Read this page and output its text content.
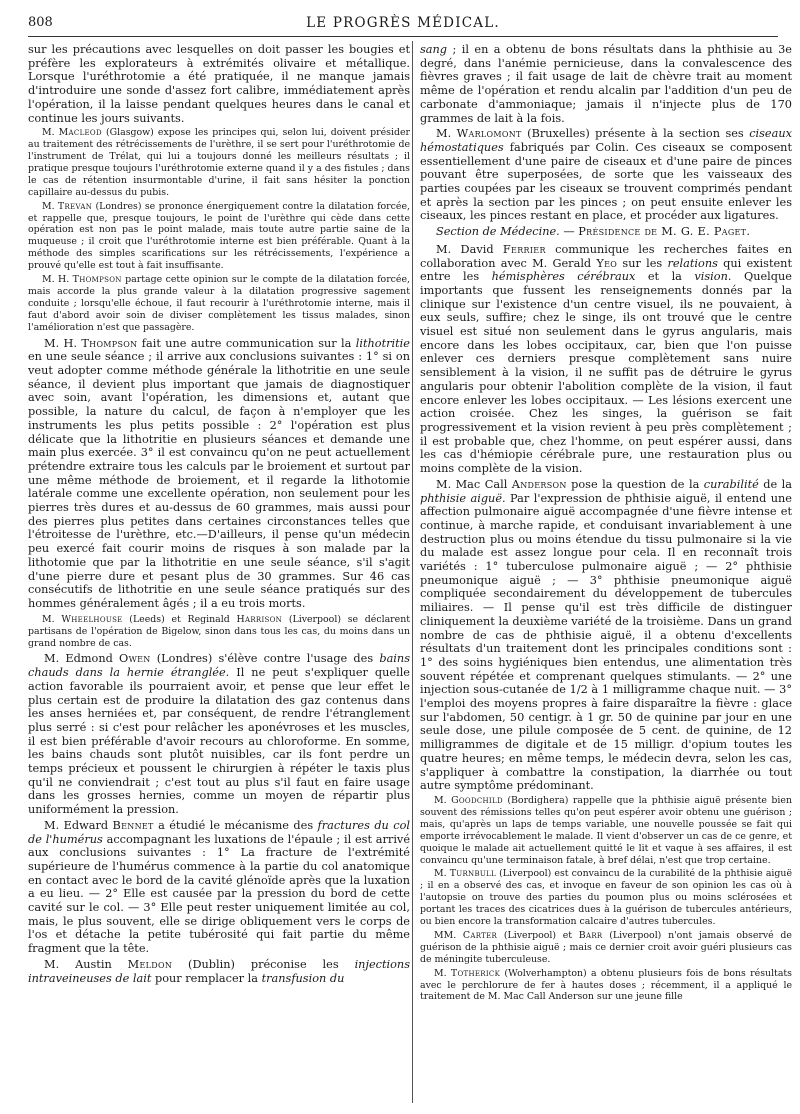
808	LE PROGRÈS MÉDICAL.

sur les précautions avec lesquelles on doit passer les bougies et préfère les explorateurs à extrémités olivaire et métallique. Lorsque l'uréthrotomie a été pratiquée, il ne manque jamais d'introduire une sonde d'assez fort calibre, immédiatement après l'opération, il la laisse pendant quelques heures dans le canal et continue les jours suivants.

M. Macleod (Glasgow) expose les principes qui, selon lui, doivent présider au traitement des rétrécissements de l'urèthre, il se sert pour l'uréthrotomie de l'instrument de Trélat, qui lui a toujours donné les meilleurs résultats ; il pratique presque toujours l'uréthrotomie externe quand il y a des fistules ; dans le cas de rétention insurmontable d'urine, il fait sans hésiter la ponction capillaire au-dessus du pubis.

M. Trevan (Londres) se prononce énergiquement contre la dilatation forcée, et rappelle que, presque toujours, le point de l'urèthre qui cède dans cette opération est non pas le point malade, mais toute autre partie saine de la muqueuse ; il croit que l'uréthrotomie interne est bien préférable. Quant à la méthode des simples scarifications sur les rétrécissements, l'expérience a prouvé qu'elle est tout à fait insuffisante.

M. H. Thompson partage cette opinion sur le compte de la dilatation forcée, mais accorde la plus grande valeur à la dilatation progressive sagement conduite ; lorsqu'elle échoue, il faut recourir à l'uréthrotomie interne, mais il faut d'abord avoir soin de diviser complètement les tissus malades, sinon l'amélioration n'est que passagère.

M. H. Thompson fait une autre communication sur la lithotritie en une seule séance ; il arrive aux conclusions suivantes : 1° si on veut adopter comme méthode générale la lithotritie en une seule séance, il devient plus important que jamais de diagnostiquer avec soin, avant l'opération, les dimensions et, autant que possible, la nature du calcul, de façon à n'employer que les instruments les plus petits possible : 2° l'opération est plus délicate que la lithotritie en plusieurs séances et demande une main plus exercée. 3° il est convaincu qu'on ne peut actuellement prétendre extraire tous les calculs par le broiement et surtout par une même méthode de broiement, et il regarde la lithotomie latérale comme une excellente opération, non seulement pour les pierres très dures et au-dessus de 60 grammes, mais aussi pour des pierres plus petites dans certaines circonstances telles que l'étroitesse de l'urèthre, etc.—D'ailleurs, il pense qu'un médecin peu exercé fait courir moins de risques à son malade par la lithotomie que par la lithotritie en une seule séance, s'il s'agit d'une pierre dure et pesant plus de 30 grammes. Sur 46 cas consécutifs de lithotritie en une seule séance pratiqués sur des hommes généralement âgés ; il a eu trois morts.

M. Wheelhouse (Leeds) et Reginald Harrison (Liverpool) se déclarent partisans de l'opération de Bigelow, sinon dans tous les cas, du moins dans un grand nombre de cas.

M. Edmond Owen (Londres) s'élève contre l'usage des bains chauds dans la hernie étranglée. Il ne peut s'expliquer quelle action favorable ils pourraient avoir, et pense que leur effet le plus certain est de produire la dilatation des gaz contenus dans les anses herniées et, par conséquent, de rendre l'étranglement plus serré : si c'est pour relâcher les aponévroses et les muscles, il est bien préférable d'avoir recours au chloroforme. En somme, les bains chauds sont plutôt nuisibles, car ils font perdre un temps précieux et poussent le chirurgien à répéter le taxis plus qu'il ne conviendrait ; c'est tout au plus s'il faut en faire usage dans les grosses hernies, comme un moyen de répartir plus uniformément la pression.

M. Edward Bennet a étudié le mécanisme des fractures du col de l'humérus accompagnant les luxations de l'épaule ; il est arrivé aux conclusions suivantes : 1° La fracture de l'extrémité supérieure de l'humérus commence à la partie du col anatomique en contact avec le bord de la cavité glénoïde après que la luxation a eu lieu. — 2° Elle est causée par la pression du bord de cette cavité sur le col. — 3° Elle peut rester uniquement limitée au col, mais, le plus souvent, elle se dirige obliquement vers le corps de l'os et détache la petite tubérosité qui fait partie du même fragment que la tête.

M. Austin Meldon (Dublin) préconise les injections intraveineuses de lait pour remplacer la transfusion du

sang ; il en a obtenu de bons résultats dans la phthisie au 3e degré, dans l'anémie pernicieuse, dans la convalescence des fièvres graves ; il fait usage de lait de chèvre trait au moment même de l'opération et rendu alcalin par l'addition d'un peu de carbonate d'ammoniaque; jamais il n'injecte plus de 170 grammes de lait à la fois.

M. Warlomont (Bruxelles) présente à la section ses ciseaux hémostatiques fabriqués par Colin. Ces ciseaux se composent essentiellement d'une paire de ciseaux et d'une paire de pinces pouvant être superposées, de sorte que les vaisseaux des parties coupées par les ciseaux se trouvent comprimés pendant et après la section par les pinces ; on peut ensuite enlever les ciseaux, les pinces restant en place, et procéder aux ligatures.

Section de Médecine. — Présidence de M. G. E. Paget.

M. David Ferrier communique les recherches faites en collaboration avec M. Gerald Yeo sur les relations qui existent entre les hémisphères cérébraux et la vision. Quelque importants que fussent les renseignements donnés par la clinique sur l'existence d'un centre visuel, ils ne pouvaient, à eux seuls, suffire; chez le singe, ils ont trouvé que le centre visuel est situé non seulement dans le gyrus angularis, mais encore dans les lobes occipitaux, car, bien que l'on puisse enlever ces derniers presque complètement sans nuire sensiblement à la vision, il ne suffit pas de détruire le gyrus angularis pour obtenir l'abolition complète de la vision, il faut encore enlever les lobes occipitaux. — Les lésions exercent une action croisée. Chez les singes, la guérison se fait progressivement et la vision revient à peu près complètement ; il est probable que, chez l'homme, on peut espérer aussi, dans les cas d'hémiopie cérébrale pure, une restauration plus ou moins complète de la vision.

M. Mac Call Anderson pose la question de la curabilité de la phthisie aiguë. Par l'expression de phthisie aiguë, il entend une affection pulmonaire aiguë accompagnée d'une fièvre intense et continue, à marche rapide, et conduisant invariablement à une destruction plus ou moins étendue du tissu pulmonaire si la vie du malade est assez longue pour cela. Il en reconnaît trois variétés : 1° tuberculose pulmonaire aiguë ; — 2° phthisie pneumonique aiguë ; — 3° phthisie pneumonique aiguë compliquée secondairement du développement de tubercules miliaires. — Il pense qu'il est très difficile de distinguer cliniquement la deuxième variété de la troisième. Dans un grand nombre de cas de phthisie aiguë, il a obtenu d'excellents résultats d'un traitement dont les principales conditions sont : 1° des soins hygiéniques bien entendus, une alimentation très souvent répétée et comprenant quelques stimulants. — 2° une injection sous-cutanée de 1/2 à 1 milligramme chaque nuit. — 3° l'emploi des moyens propres à faire disparaître la fièvre : glace sur l'abdomen, 50 centigr. à 1 gr. 50 de quinine par jour en une seule dose, une pilule composée de 5 cent. de quinine, de 12 milligrammes de digitale et de 15 milligr. d'opium toutes les quatre heures; en même temps, le médecin devra, selon les cas, s'appliquer à combattre la constipation, la diarrhée ou tout autre symptôme prédominant.

M. Goodchild (Bordighera) rappelle que la phthisie aiguë présente bien souvent des rémissions telles qu'on peut espérer avoir obtenu une guérison ; mais, qu'après un laps de temps variable, une nouvelle poussée se fait qui emporte irrévocablement le malade. Il vient d'observer un cas de ce genre, et quoique le malade ait actuellement quitté le lit et vaque à ses affaires, il est convaincu qu'une terminaison fatale, à bref délai, n'est que trop certaine.

M. Turnbull (Liverpool) est convaincu de la curabilité de la phthisie aiguë ; il en a observé des cas, et invoque en faveur de son opinion les cas où à l'autopsie on trouve des parties du poumon plus ou moins sclérosées et portant les traces des cicatrices dues à la guérison de tubercules antérieurs, ou bien encore la transformation calcaire d'autres tubercules.

MM. Carter (Liverpool) et Barr (Liverpool) n'ont jamais observé de guérison de la phthisie aiguë ; mais ce dernier croit avoir guéri plusieurs cas de méningite tuberculeuse.

M. Totherick (Wolverhampton) a obtenu plusieurs fois de bons résultats avec le perchlorure de fer à hautes doses ; récemment, il a appliqué le traitement de M. Mac Call Anderson sur une jeune fille
